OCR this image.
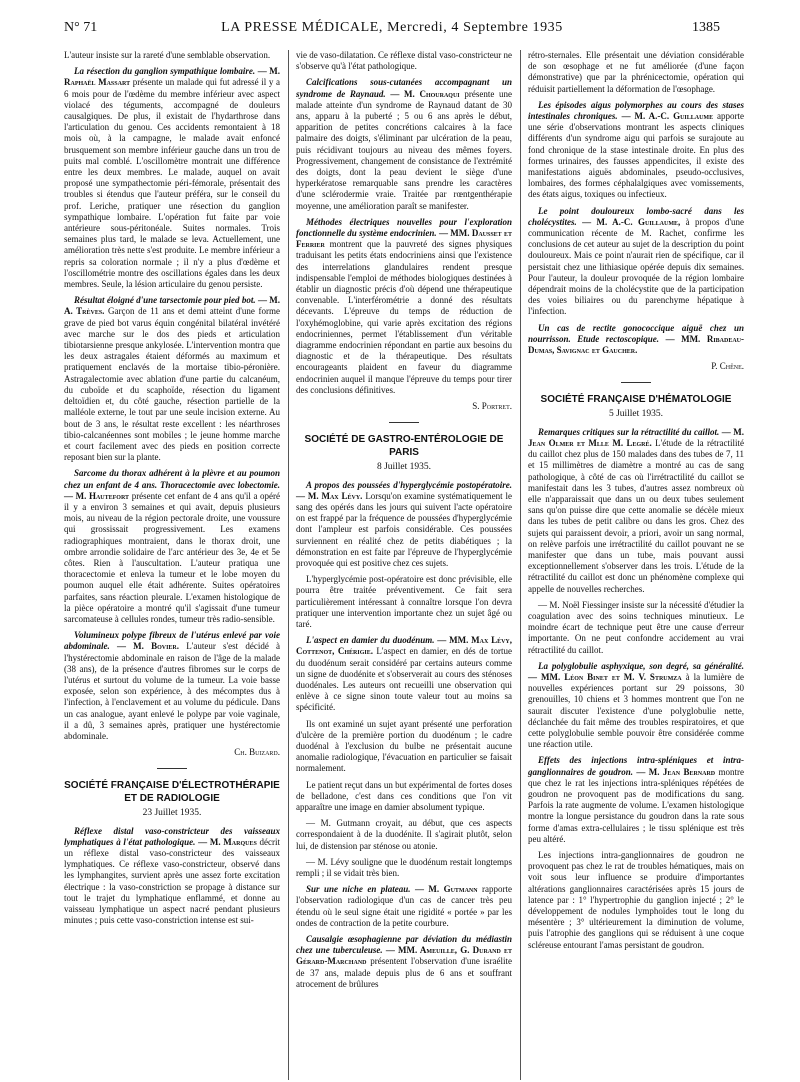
N° 71	LA PRESSE MÉDICALE, Mercredi, 4 Septembre 1935	1385

L'auteur insiste sur la rareté d'une semblable observation.

La résection du ganglion sympathique lombaire. — M. Raphaël Massart présente un malade qui fut adressé il y a 6 mois pour de l'œdème du membre inférieur avec aspect violacé des téguments, accompagné de douleurs causalgiques. De plus, il existait de l'hydarthrose dans l'articulation du genou. Ces accidents remontaient à 18 mois où, à la campagne, le malade avait enfoncé brusquement son membre inférieur gauche dans un trou de puits mal comblé. L'oscillomètre montrait une différence entre les deux membres. Le malade, auquel on avait proposé une sympathectomie péri-fémorale, présentait des troubles si étendus que l'auteur préféra, sur le conseil du prof. Leriche, pratiquer une résection du ganglion sympathique lombaire. L'opération fut faite par voie antérieure sous-péritonéale. Suites normales. Trois semaines plus tard, le malade se leva. Actuellement, une amélioration très nette s'est produite. Le membre inférieur a repris sa coloration normale ; il n'y a plus d'œdème et l'oscillométrie montre des oscillations égales dans les deux membres. Seule, la lésion articulaire du genou persiste.

Résultat éloigné d'une tarsectomie pour pied bot. — M. A. Trèves. Garçon de 11 ans et demi atteint d'une forme grave de pied bot varus équin congénital bilatéral invétéré avec marche sur le dos des pieds et articulation tibiotarsienne presque ankylosée. L'intervention montra que les deux astragales étaient déformés au maximum et pratiquement enclavés de la mortaise tibio-péronière. Astragalectomie avec ablation d'une partie du calcanéum, du cuboïde et du scaphoïde, résection du ligament deltoïdien et, du côté gauche, résection partielle de la malléole externe, le tout par une seule incision externe. Au bout de 3 ans, le résultat reste excellent : les néarthroses tibio-calcanéennes sont mobiles ; le jeune homme marche et court facilement avec des pieds en position correcte reposant bien sur la plante.

Sarcome du thorax adhérent à la plèvre et au poumon chez un enfant de 4 ans. Thoracectomie avec lobectomie. — M. Hautefort présente cet enfant de 4 ans qu'il a opéré il y a environ 3 semaines et qui avait, depuis plusieurs mois, au niveau de la région pectorale droite, une voussure qui grossissait progressivement. Les examens radiographiques montraient, dans le thorax droit, une ombre arrondie solidaire de l'arc antérieur des 3e, 4e et 5e côtes. Rien à l'auscultation. L'auteur pratiqua une thoracectomie et enleva la tumeur et le lobe moyen du poumon auquel elle était adhérente. Suites opératoires parfaites, sans réaction pleurale. L'examen histologique de la pièce opératoire a montré qu'il s'agissait d'une tumeur sarcomateuse à cellules rondes, tumeur très radio-sensible.

Volumineux polype fibreux de l'utérus enlevé par voie abdominale. — M. Bovier. L'auteur s'est décidé à l'hystérectomie abdominale en raison de l'âge de la malade (38 ans), de la présence d'autres fibromes sur le corps de l'utérus et surtout du volume de la tumeur. La voie basse exposée, selon son expérience, à des mécomptes dus à l'infection, à l'enclavement et au volume du pédicule. Dans un cas analogue, ayant enlevé le polype par voie vaginale, il a dû, 3 semaines après, pratiquer une hystérectomie abdominale.

Ch. Buizard.

SOCIÉTÉ FRANÇAISE D'ÉLECTROTHÉRAPIE ET DE RADIOLOGIE
23 Juillet 1935.

Réflexe distal vaso-constricteur des vaisseaux lymphatiques à l'état pathologique. — M. Marques décrit un réflexe distal vaso-constricteur des vaisseaux lymphatiques. Ce réflexe vaso-constricteur, observé dans les lymphangites, survient après une assez forte excitation électrique : la vaso-constriction se propage à distance sur tout le trajet du lymphatique enflammé, et donne au vaisseau lymphatique un aspect nacré pendant plusieurs minutes ; puis cette vaso-constriction intense est sui-

vie de vaso-dilatation. Ce réflexe distal vaso-constricteur ne s'observe qu'à l'état pathologique.

Calcifications sous-cutanées accompagnant un syndrome de Raynaud. — M. Chouraqui présente une malade atteinte d'un syndrome de Raynaud datant de 30 ans, apparu à la puberté ; 5 ou 6 ans après le début, apparition de petites concrétions calcaires à la face palmaire des doigts, s'éliminant par ulcération de la peau, puis récidivant toujours au niveau des mêmes foyers. Progressivement, changement de consistance de l'extrémité des doigts, dont la peau devient le siège d'une hyperkératose remarquable sans prendre les caractères d'une sclérodermie vraie. Traitée par rœntgenthérapie moyenne, une amélioration paraît se manifester.

Méthodes électriques nouvelles pour l'exploration fonctionnelle du système endocrinien. — MM. Dausset et Ferrier montrent que la pauvreté des signes physiques traduisant les petits états endocriniens ainsi que l'existence des interrelations glandulaires rendent presque indispensable l'emploi de méthodes biologiques destinées à établir un diagnostic précis d'où dépend une thérapeutique convenable. L'interférométrie a donné des résultats décevants. L'épreuve du temps de réduction de l'oxyhémoglobine, qui varie après excitation des régions endocriniennes, permet l'établissement d'un véritable diagramme endocrinien répondant en partie aux besoins du diagnostic et de la thérapeutique. Des résultats encourageants plaident en faveur du diagramme endocrinien auquel il manque l'épreuve du temps pour tirer des conclusions définitives.

S. Portret.

SOCIÉTÉ DE GASTRO-ENTÉROLOGIE DE PARIS
8 Juillet 1935.

A propos des poussées d'hyperglycémie postopératoire. — M. Max Lévy. Lorsqu'on examine systématiquement le sang des opérés dans les jours qui suivent l'acte opératoire on est frappé par la fréquence de poussées d'hyperglycémie dont l'ampleur est parfois considérable. Ces poussées surviennent en réalité chez de petits diabétiques ; la démonstration en est faite par l'épreuve de l'hyperglycémie provoquée qui est positive chez ces sujets.

L'hyperglycémie post-opératoire est donc prévisible, elle pourra être traitée préventivement. Ce fait sera particulièrement intéressant à connaître lorsque l'on devra pratiquer une intervention importante chez un sujet âgé ou taré.

L'aspect en damier du duodénum. — MM. Max Lévy, Cottenot, Chérigie. L'aspect en damier, en dés de tortue du duodénum serait considéré par certains auteurs comme un signe de duodénite et s'observerait au cours des sténoses duodénales. Les auteurs ont recueilli une observation qui enlève à ce signe sinon toute valeur tout au moins sa spécificité.

Ils ont examiné un sujet ayant présenté une perforation d'ulcère de la première portion du duodénum ; le cadre duodénal à l'exclusion du bulbe ne présentait aucune anomalie radiologique, l'évacuation en particulier se faisait normalement.

Le patient reçut dans un but expérimental de fortes doses de belladone, c'est dans ces conditions que l'on vit apparaître une image en damier absolument typique.

— M. Gutmann croyait, au début, que ces aspects correspondaient à de la duodénite. Il s'agirait plutôt, selon lui, de distension par sténose ou atonie.

— M. Lévy souligne que le duodénum restait longtemps rempli ; il se vidait très bien.

Sur une niche en plateau. — M. Gutmann rapporte l'observation radiologique d'un cas de cancer très peu étendu où le seul signe était une rigidité « portée » par les ondes de contraction de la petite courbure.

Causalgie œsophagienne par déviation du médiastin chez une tuberculeuse. — MM. Ameuille, G. Durand et Gérard-Marchand présentent l'observation d'une israélite de 37 ans, malade depuis plus de 6 ans et souffrant atrocement de brûlures

rétro-sternales. Elle présentait une déviation considérable de son œsophage et ne fut améliorée (d'une façon démonstrative) que par la phrénicectomie, opération qui réduisit partiellement la déformation de l'œsophage.

Les épisodes aigus polymorphes au cours des stases intestinales chroniques. — M. A.-C. Guillaume apporte une série d'observations montrant les aspects cliniques différents d'un syndrome aigu qui parfois se surajoute au fond chronique de la stase intestinale droite. En plus des formes urinaires, des fausses appendicites, il existe des manifestations aiguës abdominales, pseudo-occlusives, lombaires, des formes céphalalgiques avec vomissements, des états aigus, toxiques ou infectieux.

Le point douloureux lombo-sacré dans les cholécystites. — M. A.-C. Guillaume, à propos d'une communication récente de M. Rachet, confirme les conclusions de cet auteur au sujet de la description du point douloureux. Mais ce point n'aurait rien de spécifique, car il persistait chez une lithiasique opérée depuis dix semaines. Pour l'auteur, la douleur provoquée de la région lombaire dépendrait moins de la cholécystite que de la participation des voies biliaires ou du parenchyme hépatique à l'infection.

Un cas de rectite gonococcique aiguë chez un nourrisson. Etude rectoscopique. — MM. Ribadeau-Dumas, Savignac et Gaucher.

P. Chêne.

SOCIÉTÉ FRANÇAISE D'HÉMATOLOGIE
5 Juillet 1935.

Remarques critiques sur la rétractilité du caillot. — M. Jean Olmer et Mlle M. Legré. L'étude de la rétractilité du caillot chez plus de 150 malades dans des tubes de 7, 11 et 15 millimètres de diamètre a montré au cas de sang pathologique, à côté de cas où l'irrétractilité du caillot se manifestait dans les 3 tubes, d'autres assez nombreux où elle n'apparaissait que dans un ou deux tubes seulement sans qu'on puisse dire que cette anomalie se décèle mieux dans les tubes de petit calibre ou dans les gros. Chez des sujets qui paraissent devoir, a priori, avoir un sang normal, on relève parfois une irrétractilité du caillot pouvant ne se manifester que dans un tube, mais pouvant aussi exceptionnellement s'observer dans les trois. L'étude de la rétractilité du caillot est donc un phénomène complexe qui appelle de nouvelles recherches.

— M. Noël Fiessinger insiste sur la nécessité d'étudier la coagulation avec des soins techniques minutieux. Le moindre écart de technique peut être une cause d'erreur importante. On ne peut confondre accidement au vrai rétractilité du caillot.

La polyglobulie asphyxique, son degré, sa généralité. — MM. Léon Binet et M. V. Strumza à la lumière de nouvelles expériences portant sur 29 poissons, 30 grenouilles, 10 chiens et 3 hommes montrent que l'on ne saurait discuter l'existence d'une polyglobulie nette, déclanchée du fait même des troubles respiratoires, et que cette polyglobulie semble pouvoir être considérée comme une réaction utile.

Effets des injections intra-spléniques et intra-ganglionnaires de goudron. — M. Jean Bernard montre que chez le rat les injections intra-spléniques répétées de goudron ne provoquent pas de modifications du sang. Parfois la rate augmente de volume. L'examen histologique montre la longue persistance du goudron dans la rate sous forme d'amas extra-cellulaires ; le tissu splénique est très peu altéré.

Les injections intra-ganglionnaires de goudron ne provoquent pas chez le rat de troubles hématiques, mais on voit sous leur influence se produire d'importantes altérations ganglionnaires caractérisées après 15 jours de latence par : 1° l'hypertrophie du ganglion injecté ; 2° le développement de nodules lymphoïdes tout le long du mésentère ; 3° ultérieurement la diminution de volume, puis l'atrophie des ganglions qui se réduisent à une coque scléreuse entourant l'amas persistant de goudron.
